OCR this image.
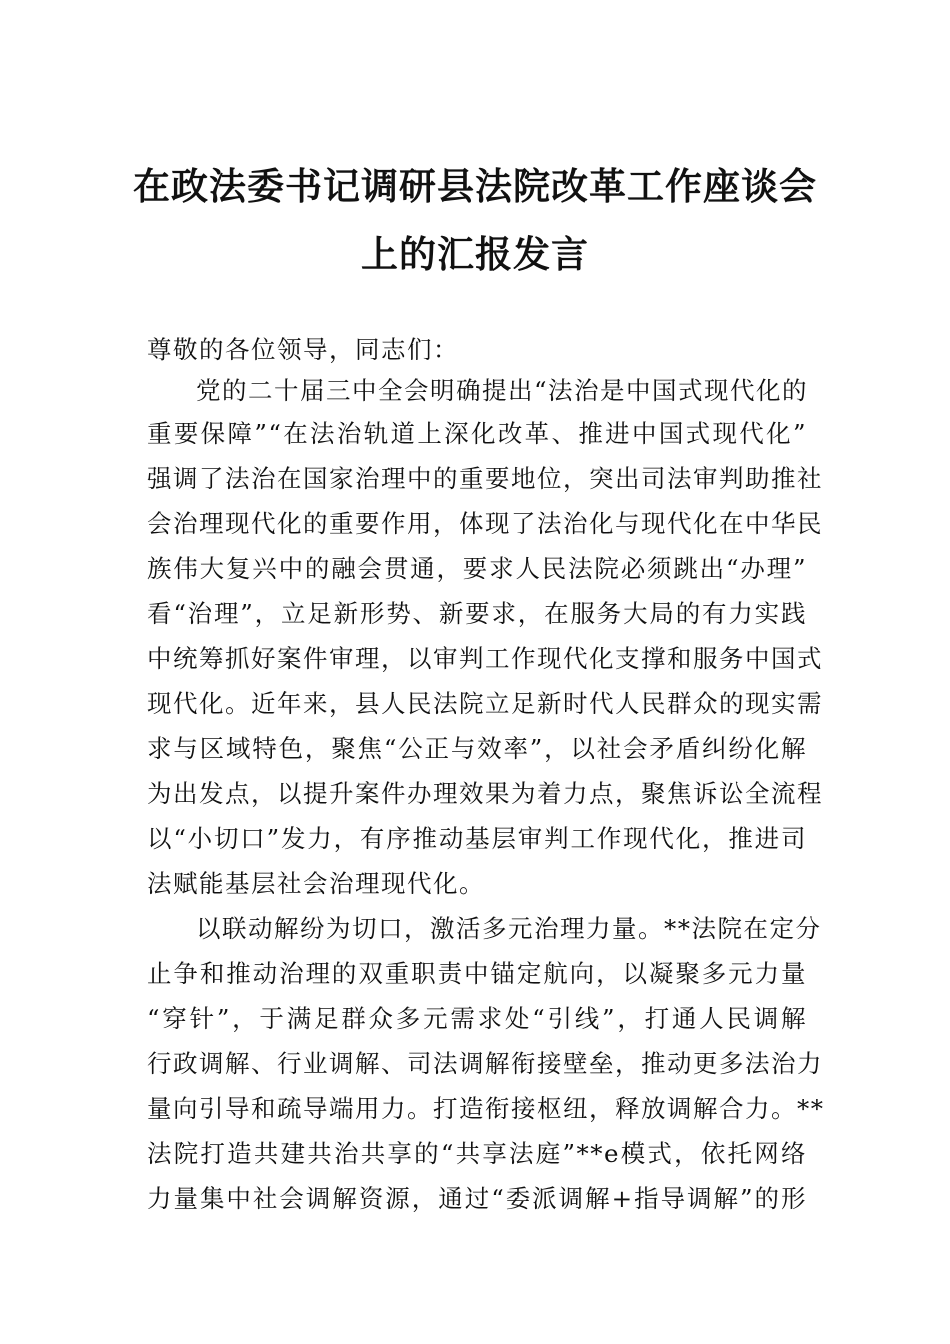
在政法委书记调研县法院改革工作座谈会
上的汇报发言
尊敬的各位领导，同志们：
党的二十届三中全会明确提出“法治是中国式现代化的
重要保障”“在法治轨道上深化改革、推进中国式现代化”
强调了法治在国家治理中的重要地位，突出司法审判助推社
会治理现代化的重要作用，体现了法治化与现代化在中华民
族伟大复兴中的融会贯通，要求人民法院必须跳出“办理”
看“治理”，立足新形势、新要求，在服务大局的有力实践
中统筹抓好案件审理，以审判工作现代化支撑和服务中国式
现代化。近年来，县人民法院立足新时代人民群众的现实需
求与区域特色，聚焦“公正与效率”，以社会矛盾纠纷化解
为出发点，以提升案件办理效果为着力点，聚焦诉讼全流程
以“小切口”发力，有序推动基层审判工作现代化，推进司
法赋能基层社会治理现代化。
以联动解纷为切口，激活多元治理力量。**法院在定分
止争和推动治理的双重职责中锚定航向，以凝聚多元力量
“穿针”，于满足群众多元需求处“引线”，打通人民调解
行政调解、行业调解、司法调解衔接壁垒，推动更多法治力
量向引导和疏导端用力。打造衔接枢纽，释放调解合力。**
法院打造共建共治共享的“共享法庭”**e模式，依托网络
力量集中社会调解资源，通过“委派调解+指导调解”的形
